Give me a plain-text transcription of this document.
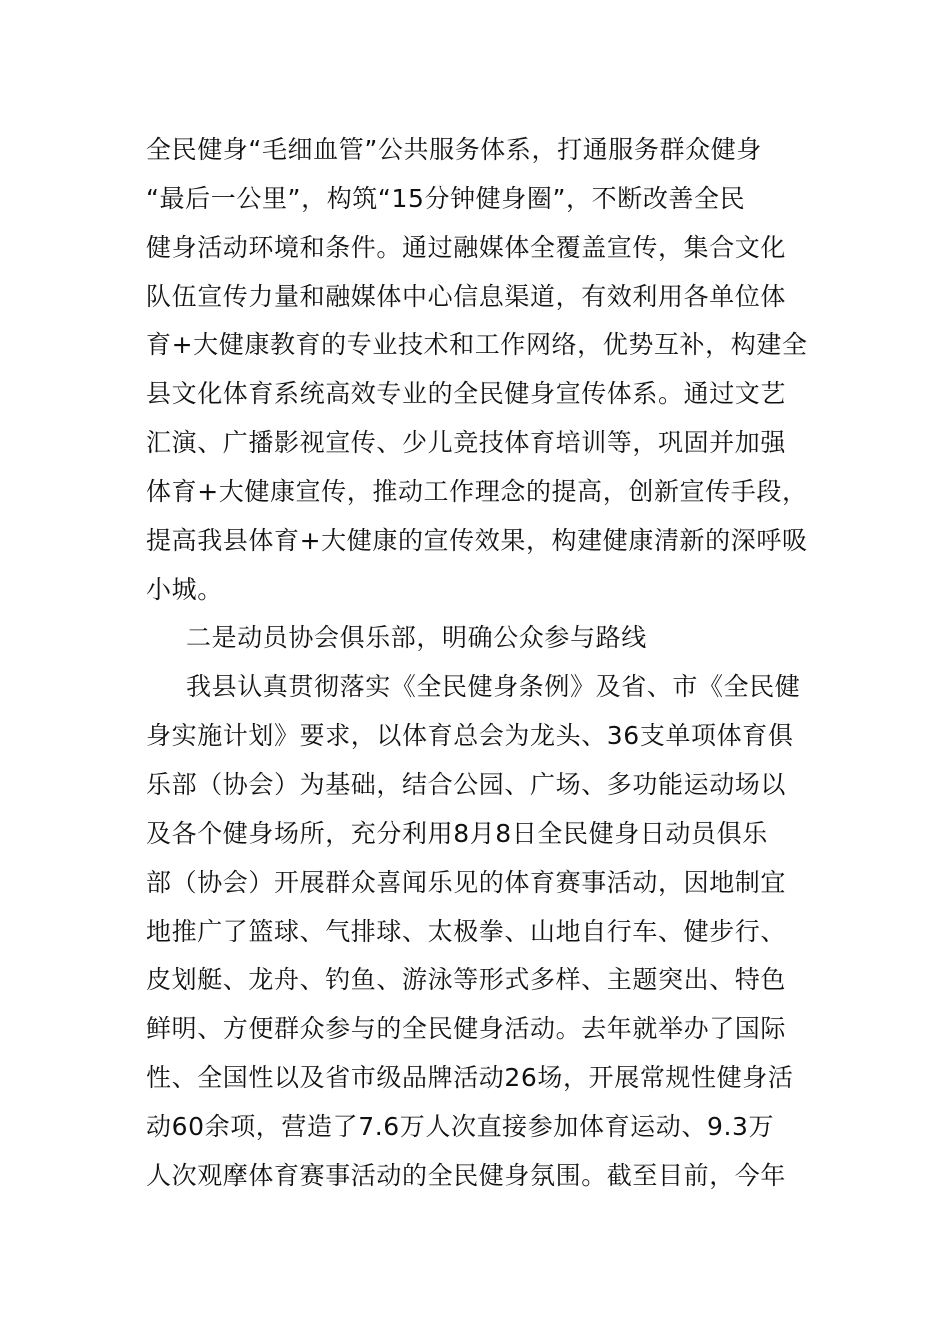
全民健身“毛细血管”公共服务体系，打通服务群众健身
“最后一公里”，构筑“15分钟健身圈”，不断改善全民
健身活动环境和条件。通过融媒体全覆盖宣传，集合文化
队伍宣传力量和融媒体中心信息渠道，有效利用各单位体
育+大健康教育的专业技术和工作网络，优势互补，构建全
县文化体育系统高效专业的全民健身宣传体系。通过文艺
汇演、广播影视宣传、少儿竞技体育培训等，巩固并加强
体育+大健康宣传，推动工作理念的提高，创新宣传手段，
提高我县体育+大健康的宣传效果，构建健康清新的深呼吸
小城。
二是动员协会俱乐部，明确公众参与路线
我县认真贯彻落实《全民健身条例》及省、市《全民健
身实施计划》要求，以体育总会为龙头、36支单项体育俱
乐部（协会）为基础，结合公园、广场、多功能运动场以
及各个健身场所，充分利用8月8日全民健身日动员俱乐
部（协会）开展群众喜闻乐见的体育赛事活动，因地制宜
地推广了篮球、气排球、太极拳、山地自行车、健步行、
皮划艇、龙舟、钓鱼、游泳等形式多样、主题突出、特色
鲜明、方便群众参与的全民健身活动。去年就举办了国际
性、全国性以及省市级品牌活动26场，开展常规性健身活
动60余项，营造了7.6万人次直接参加体育运动、9.3万
人次观摩体育赛事活动的全民健身氛围。截至目前，今年
